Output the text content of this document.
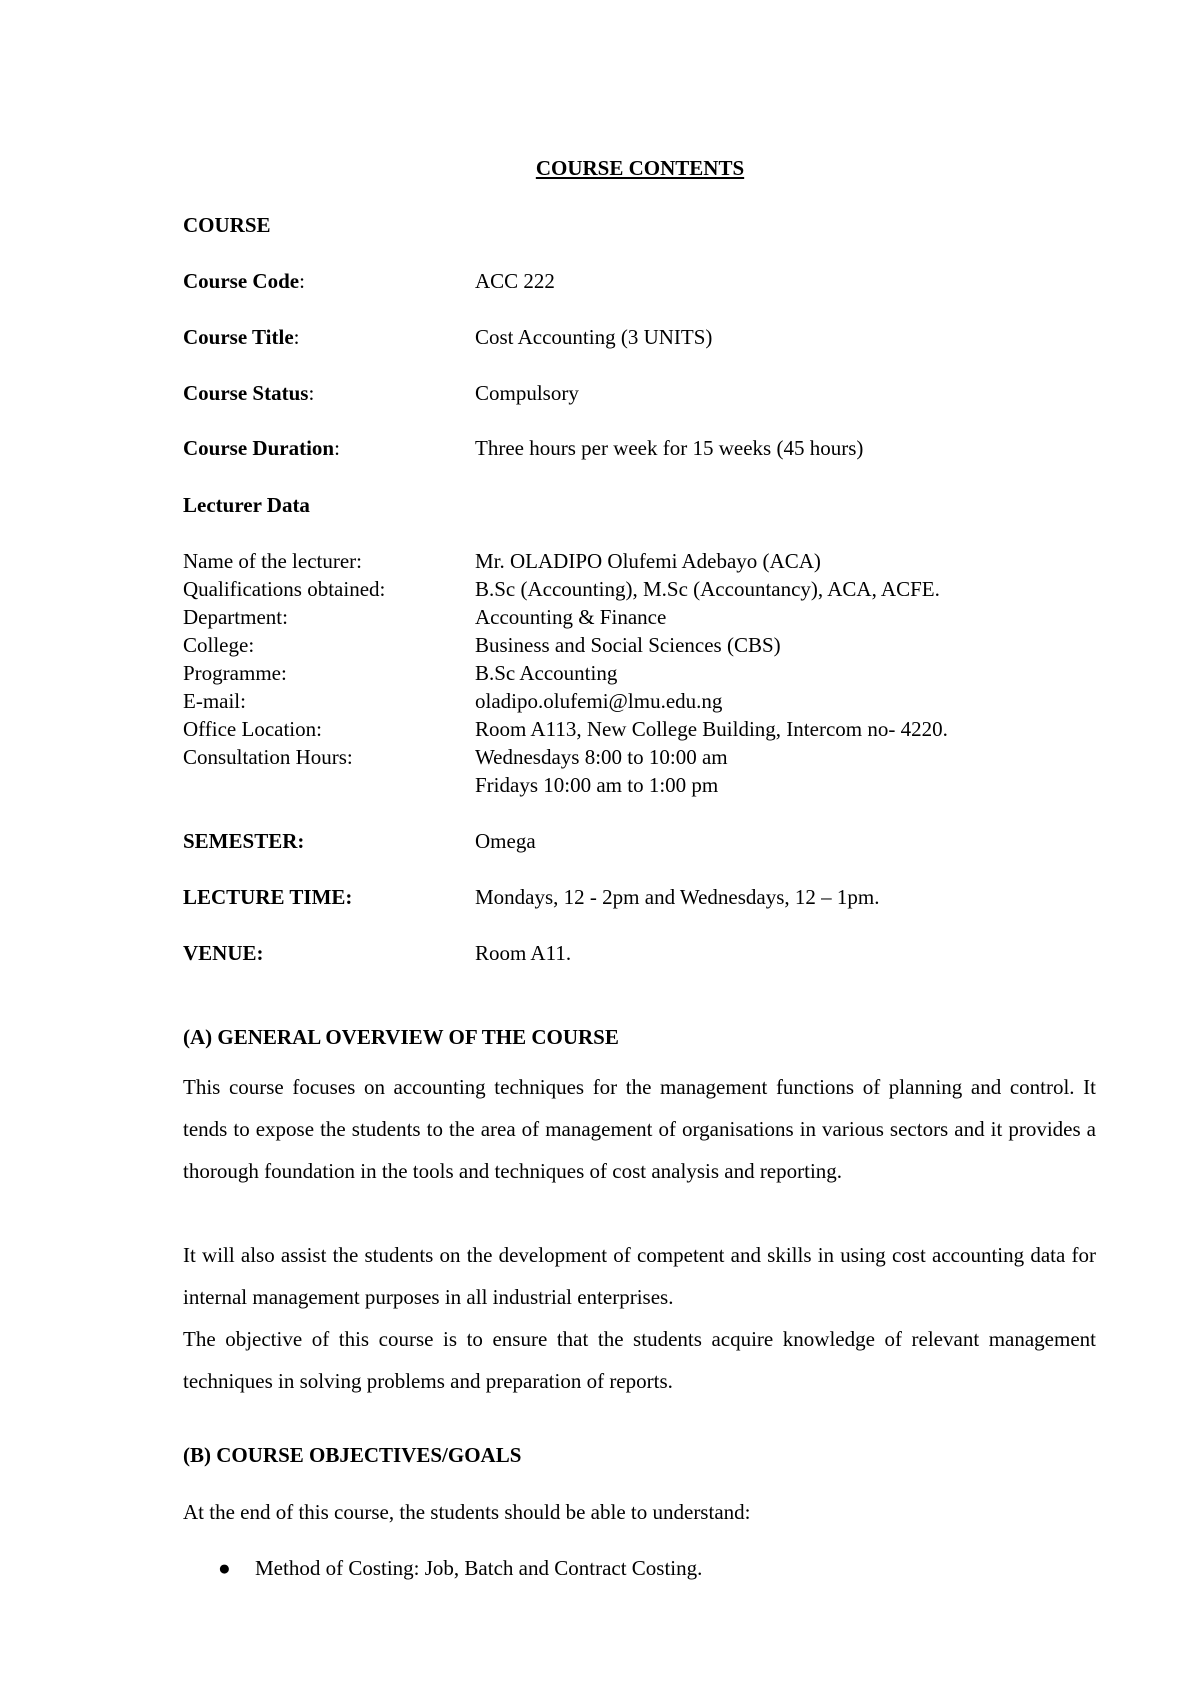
COURSE CONTENTS
COURSE
Course Code:	ACC 222
Course Title:	Cost Accounting (3 UNITS)
Course Status:	Compulsory
Course Duration:	Three hours per week for 15 weeks (45 hours)
Lecturer Data
Name of the lecturer:	Mr. OLADIPO Olufemi Adebayo (ACA)
Qualifications obtained:	B.Sc (Accounting), M.Sc (Accountancy), ACA, ACFE.
Department:	Accounting & Finance
College:	Business and Social Sciences (CBS)
Programme:	B.Sc Accounting
E-mail:	oladipo.olufemi@lmu.edu.ng
Office Location:	Room A113, New College Building, Intercom no- 4220.
Consultation Hours:	Wednesdays 8:00 to 10:00 am
Fridays 10:00 am to 1:00 pm
SEMESTER:	Omega
LECTURE TIME:	Mondays, 12 - 2pm and Wednesdays, 12 – 1pm.
VENUE:	Room A11.
(A) GENERAL OVERVIEW OF THE COURSE

This course focuses on accounting techniques for the management functions of planning and control. It tends to expose the students to the area of management of organisations in various sectors and it provides a thorough foundation in the tools and techniques of cost analysis and reporting.

It will also assist the students on the development of competent and skills in using cost accounting data for internal management purposes in all industrial enterprises.

The objective of this course is to ensure that the students acquire knowledge of relevant management techniques in solving problems and preparation of reports.

(B) COURSE OBJECTIVES/GOALS
At the end of this course, the students should be able to understand:
● Method of Costing: Job, Batch and Contract Costing.
